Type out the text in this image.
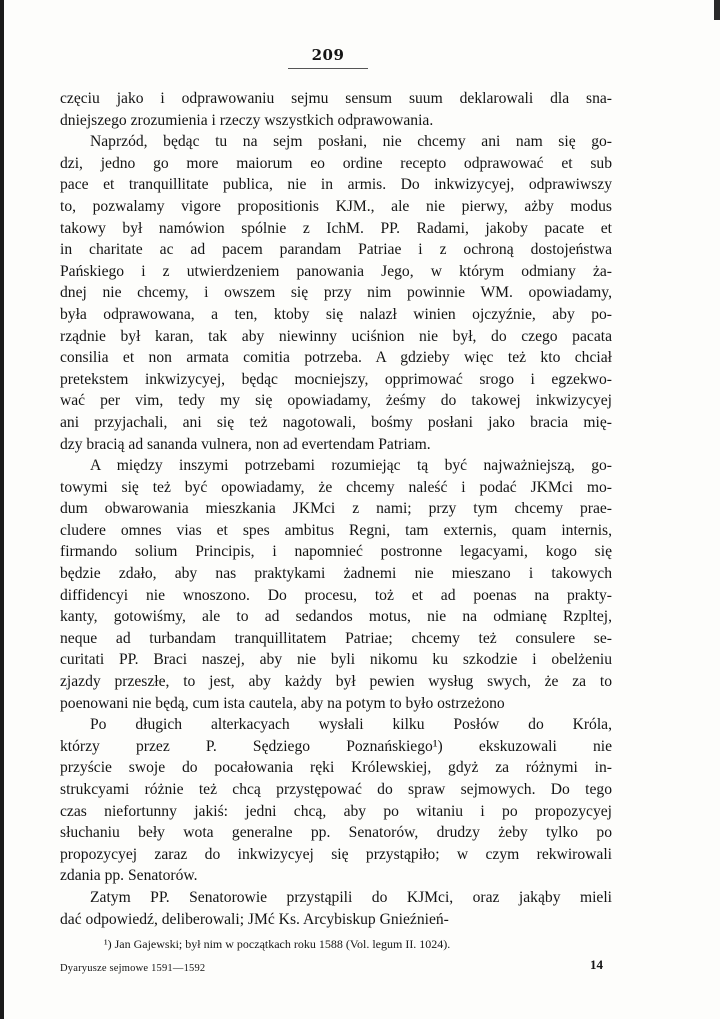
209

częciu jako i odprawowaniu sejmu sensum suum deklarowali dla sna-
dniejszego zrozumienia i rzeczy wszystkich odprawowania.

Naprzód, będąc tu na sejm posłani, nie chcemy ani nam się go-
dzi, jedno go more maiorum eo ordine recepto odprawować et sub
pace et tranquillitate publica, nie in armis. Do inkwizycyej, odprawiwszy
to, pozwalamy vigore propositionis KJM., ale nie pierwy, ażby modus
takowy był namówion spólnie z IchM. PP. Radami, jakoby pacate et
in charitate ac ad pacem parandam Patriae i z ochroną dostojeństwa
Pańskiego i z utwierdzeniem panowania Jego, w którym odmiany ża-
dnej nie chcemy, i owszem się przy nim powinnie WM. opowiadamy,
była odprawowana, a ten, ktoby się nalazł winien ojczyźnie, aby po-
rządnie był karan, tak aby niewinny uciśnion nie był, do czego pacata
consilia et non armata comitia potrzeba. A gdzieby więc też kto chciał
pretekstem inkwizycyej, będąc mocniejszy, opprimować srogo i egzekwo-
wać per vim, tedy my się opowiadamy, żeśmy do takowej inkwizycyej
ani przyjachali, ani się też nagotowali, bośmy posłani jako bracia mię-
dzy bracią ad sananda vulnera, non ad evertendam Patriam.

A między inszymi potrzebami rozumiejąc tą być najważniejszą, go-
towymi się też być opowiadamy, że chcemy naleść i podać JKMci mo-
dum obwarowania mieszkania JKMci z nami; przy tym chcemy prae-
cludere omnes vias et spes ambitus Regni, tam externis, quam internis,
firmando solium Principis, i napomnieć postronne legacyami, kogo się
będzie zdało, aby nas praktykami żadnemi nie mieszano i takowych
diffidencyi nie wnoszono. Do procesu, toż et ad poenas na prakty-
kanty, gotowiśmy, ale to ad sedandos motus, nie na odmianę Rzpltej,
neque ad turbandam tranquillitatem Patriae; chcemy też consulere se-
curitati PP. Braci naszej, aby nie byli nikomu ku szkodzie i obelżeniu
zjazdy przeszłe, to jest, aby każdy był pewien wysług swych, że za to
poenowani nie będą, cum ista cautela, aby na potym to było ostrzeżono

Po długich alterkacyach wysłali kilku Posłów do Króla,
którzy przez P. Sędziego Poznańskiego¹) ekskuzowali nie
przyście swoje do pocałowania ręki Królewskiej, gdyż za różnymi in-
strukcyami różnie też chcą przystępować do spraw sejmowych. Do tego
czas niefortunny jakiś: jedni chcą, aby po witaniu i po propozycyej
słuchaniu beły wota generalne pp. Senatorów, drudzy żeby tylko po
propozycyej zaraz do inkwizycyej się przystąpiło; w czym rekwirowali
zdania pp. Senatorów.

Zatym PP. Senatorowie przystąpili do KJMci, oraz jakąby mieli
dać odpowiedź, deliberowali; JMć Ks. Arcybiskup Gnieźnień-

¹) Jan Gajewski; był nim w początkach roku 1588 (Vol. legum II. 1024).
Dyaryusze sejmowe 1591—1592	14
